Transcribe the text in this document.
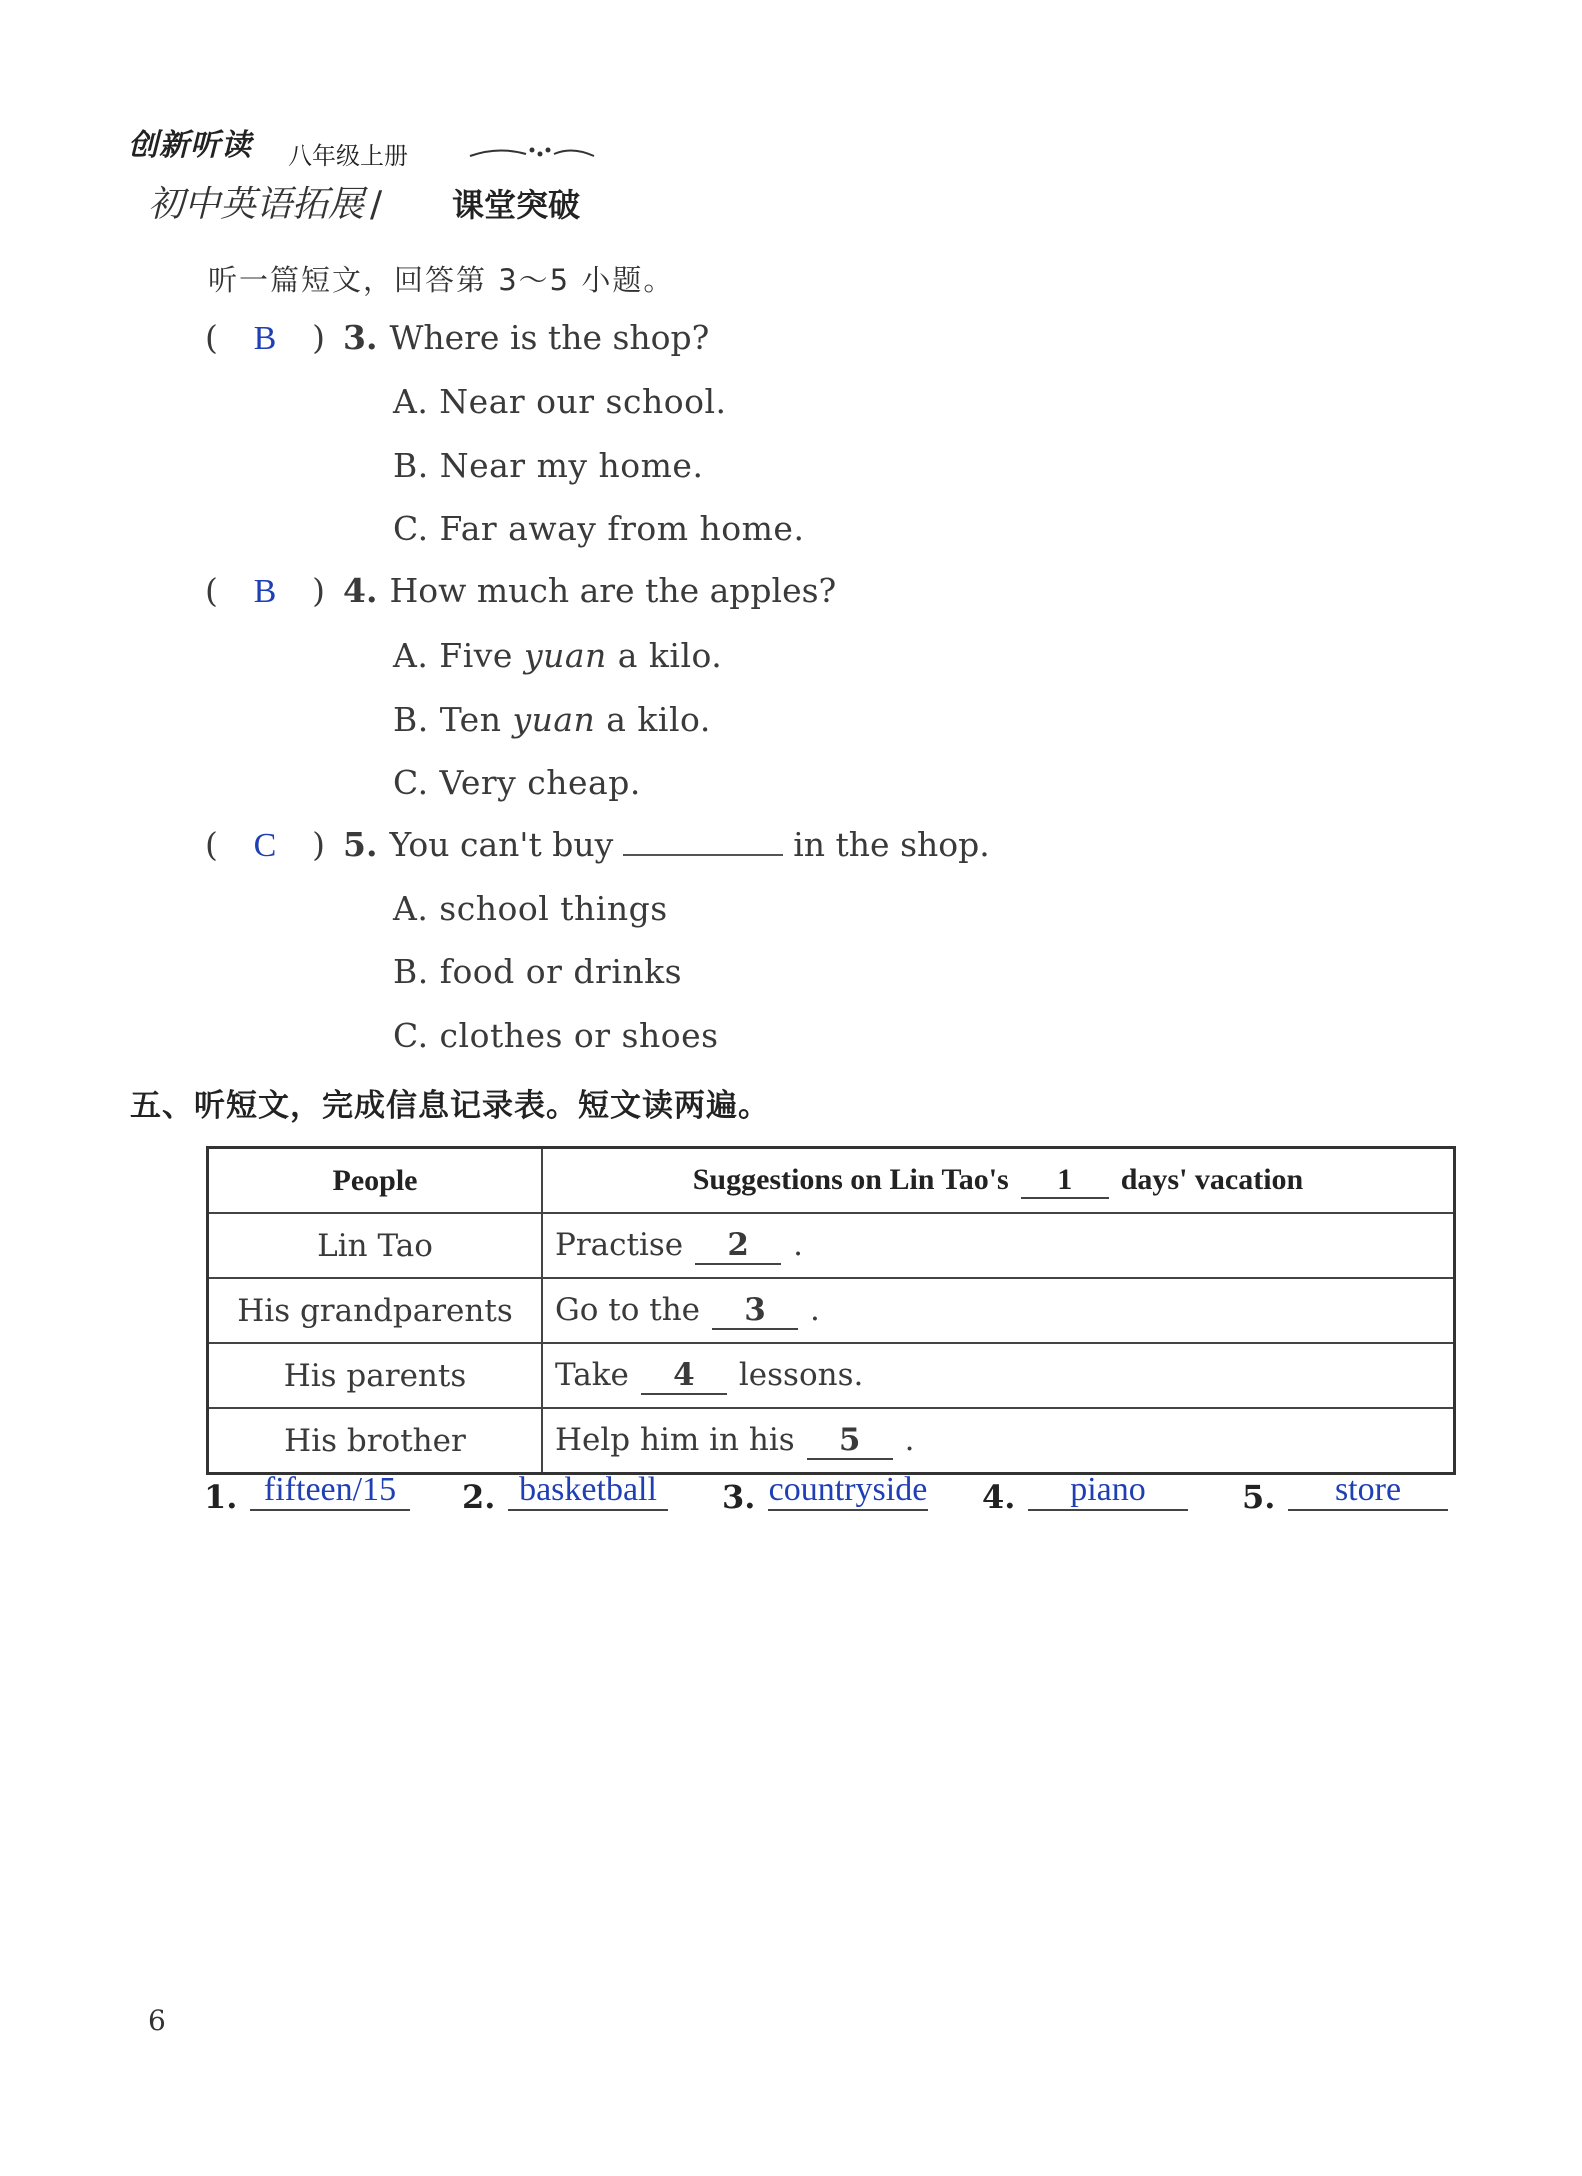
创新听读 八年级上册
初中英语拓展 / 课堂突破
听一篇短文，回答第 3～5 小题。
( B ) 3. Where is the shop?
A. Near our school.
B. Near my home.
C. Far away from home.
( B ) 4. How much are the apples?
A. Five yuan a kilo.
B. Ten yuan a kilo.
C. Very cheap.
( C ) 5. You can't buy	in the shop.
A. school things
B. food or drinks
C. clothes or shoes
五、听短文，完成信息记录表。短文读两遍。
People	Suggestions on Lin Tao's 1 days' vacation
Lin Tao	Practise 2 .
His grandparents	Go to the 3 .
His parents	Take 4 lessons.
His brother	Help him in his 5 .
1. fifteen/15	2. basketball	3. countryside 4. piano	5. store
6
